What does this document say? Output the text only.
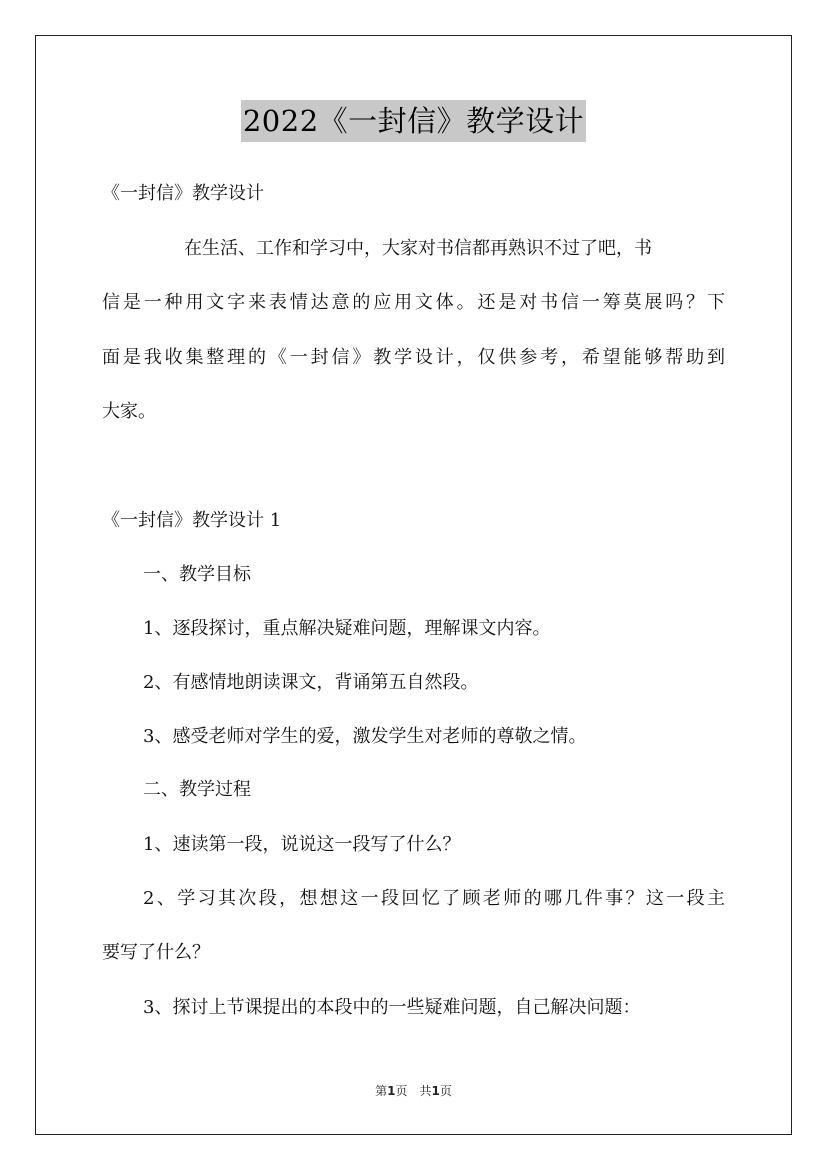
2022《一封信》教学设计
《一封信》教学设计
在生活、工作和学习中，大家对书信都再熟识不过了吧，书
信是一种用文字来表情达意的应用文体。还是对书信一筹莫展吗？下
面是我收集整理的《一封信》教学设计，仅供参考，希望能够帮助到
大家。
《一封信》教学设计 1
一、教学目标
1、逐段探讨，重点解决疑难问题，理解课文内容。
2、有感情地朗读课文，背诵第五自然段。
3、感受老师对学生的爱，激发学生对老师的尊敬之情。
二、教学过程
1、速读第一段，说说这一段写了什么？
2、学习其次段，想想这一段回忆了顾老师的哪几件事？这一段主
要写了什么？
3、探讨上节课提出的本段中的一些疑难问题，自己解决问题：
第1页　共1页
